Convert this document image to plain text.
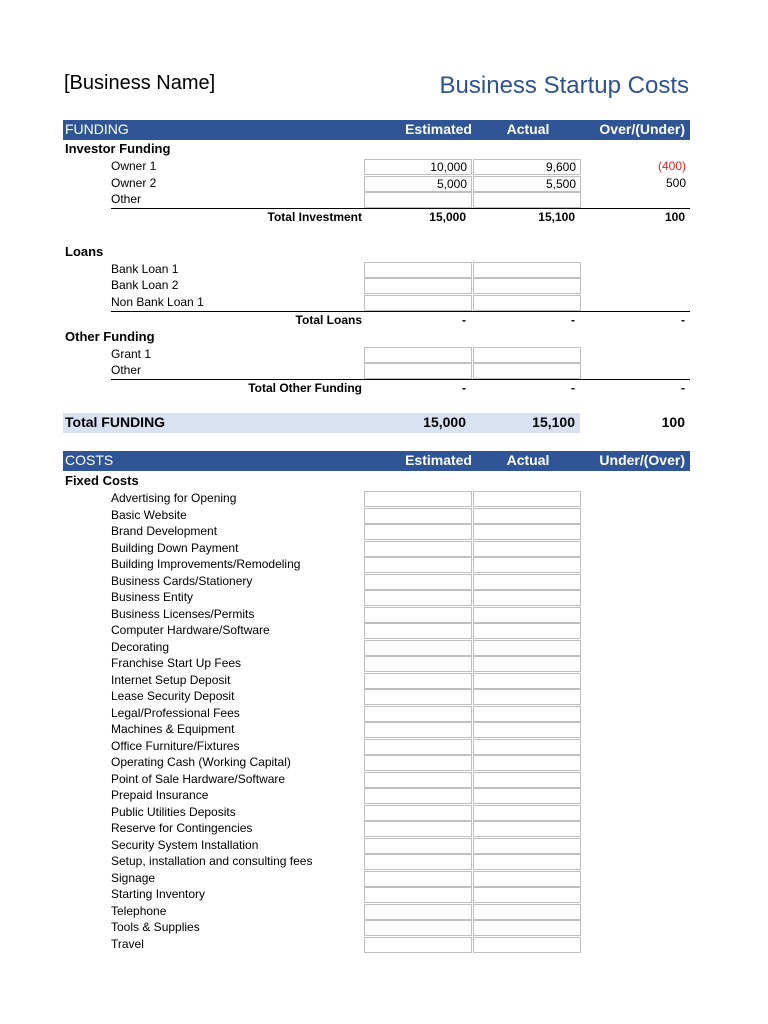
[Business Name]	Business Startup Costs
FUNDING	Estimated Actual	Over/(Under)
Investor Funding
Owner 1	10,000	9,600	(400)
Owner 2	5,000	5,500	500
Other
Total Investment	15,000	15,100	100
Loans
Bank Loan 1
Bank Loan 2
Non Bank Loan 1
Total Loans	-	-	-
Other Funding
Grant 1
Other
Total Other Funding	-	-	-
Total FUNDING	15,000	15,100	100
COSTS	Estimated Actual	Under/(Over)
Fixed Costs
Advertising for Opening
Basic Website
Brand Development
Building Down Payment
Building Improvements/Remodeling
Business Cards/Stationery
Business Entity
Business Licenses/Permits
Computer Hardware/Software
Decorating
Franchise Start Up Fees
Internet Setup Deposit
Lease Security Deposit
Legal/Professional Fees
Machines & Equipment
Office Furniture/Fixtures
Operating Cash (Working Capital)
Point of Sale Hardware/Software
Prepaid Insurance
Public Utilities Deposits
Reserve for Contingencies
Security System Installation
Setup, installation and consulting fees
Signage
Starting Inventory
Telephone
Tools & Supplies
Travel
